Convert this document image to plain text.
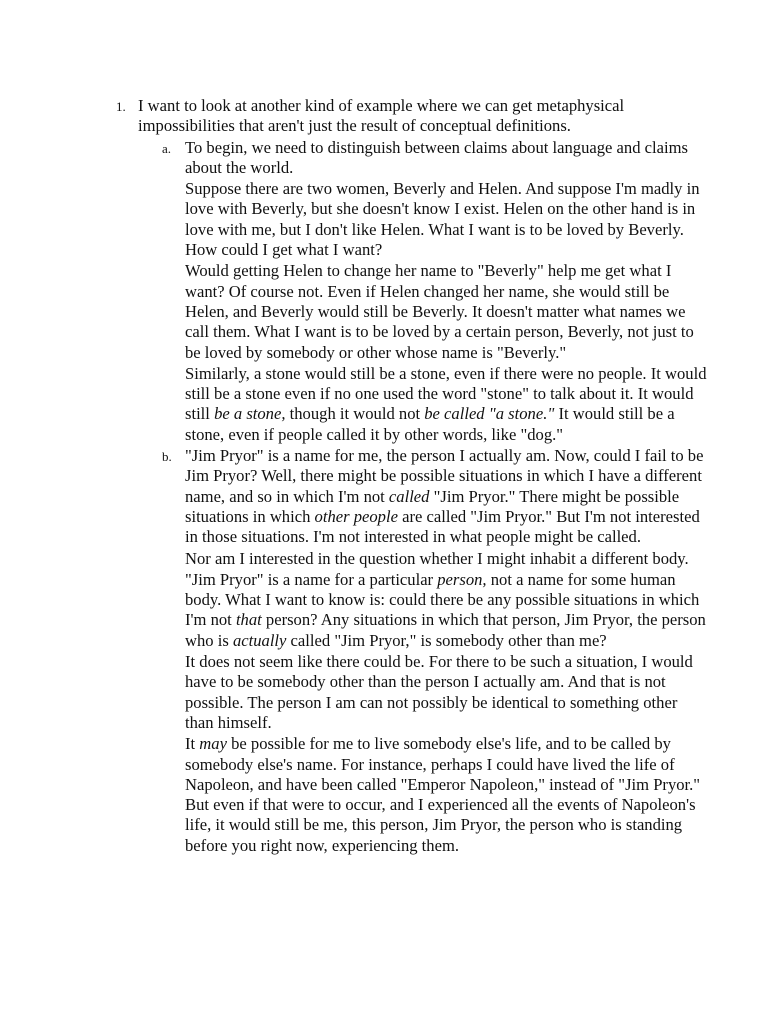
1. I want to look at another kind of example where we can get metaphysical impossibilities that aren't just the result of conceptual definitions.
a. To begin, we need to distinguish between claims about language and claims about the world.
Suppose there are two women, Beverly and Helen. And suppose I'm madly in love with Beverly, but she doesn't know I exist. Helen on the other hand is in love with me, but I don't like Helen. What I want is to be loved by Beverly. How could I get what I want?
Would getting Helen to change her name to "Beverly" help me get what I want? Of course not. Even if Helen changed her name, she would still be Helen, and Beverly would still be Beverly. It doesn't matter what names we call them. What I want is to be loved by a certain person, Beverly, not just to be loved by somebody or other whose name is "Beverly."
Similarly, a stone would still be a stone, even if there were no people. It would still be a stone even if no one used the word "stone" to talk about it. It would still be a stone, though it would not be called "a stone." It would still be a stone, even if people called it by other words, like "dog."
b. "Jim Pryor" is a name for me, the person I actually am. Now, could I fail to be Jim Pryor? Well, there might be possible situations in which I have a different name, and so in which I'm not called "Jim Pryor." There might be possible situations in which other people are called "Jim Pryor." But I'm not interested in those situations. I'm not interested in what people might be called.
Nor am I interested in the question whether I might inhabit a different body.
"Jim Pryor" is a name for a particular person, not a name for some human body. What I want to know is: could there be any possible situations in which I'm not that person? Any situations in which that person, Jim Pryor, the person who is actually called "Jim Pryor," is somebody other than me?
It does not seem like there could be. For there to be such a situation, I would have to be somebody other than the person I actually am. And that is not possible. The person I am can not possibly be identical to something other than himself.
It may be possible for me to live somebody else's life, and to be called by somebody else's name. For instance, perhaps I could have lived the life of Napoleon, and have been called "Emperor Napoleon," instead of "Jim Pryor." But even if that were to occur, and I experienced all the events of Napoleon's life, it would still be me, this person, Jim Pryor, the person who is standing before you right now, experiencing them.
